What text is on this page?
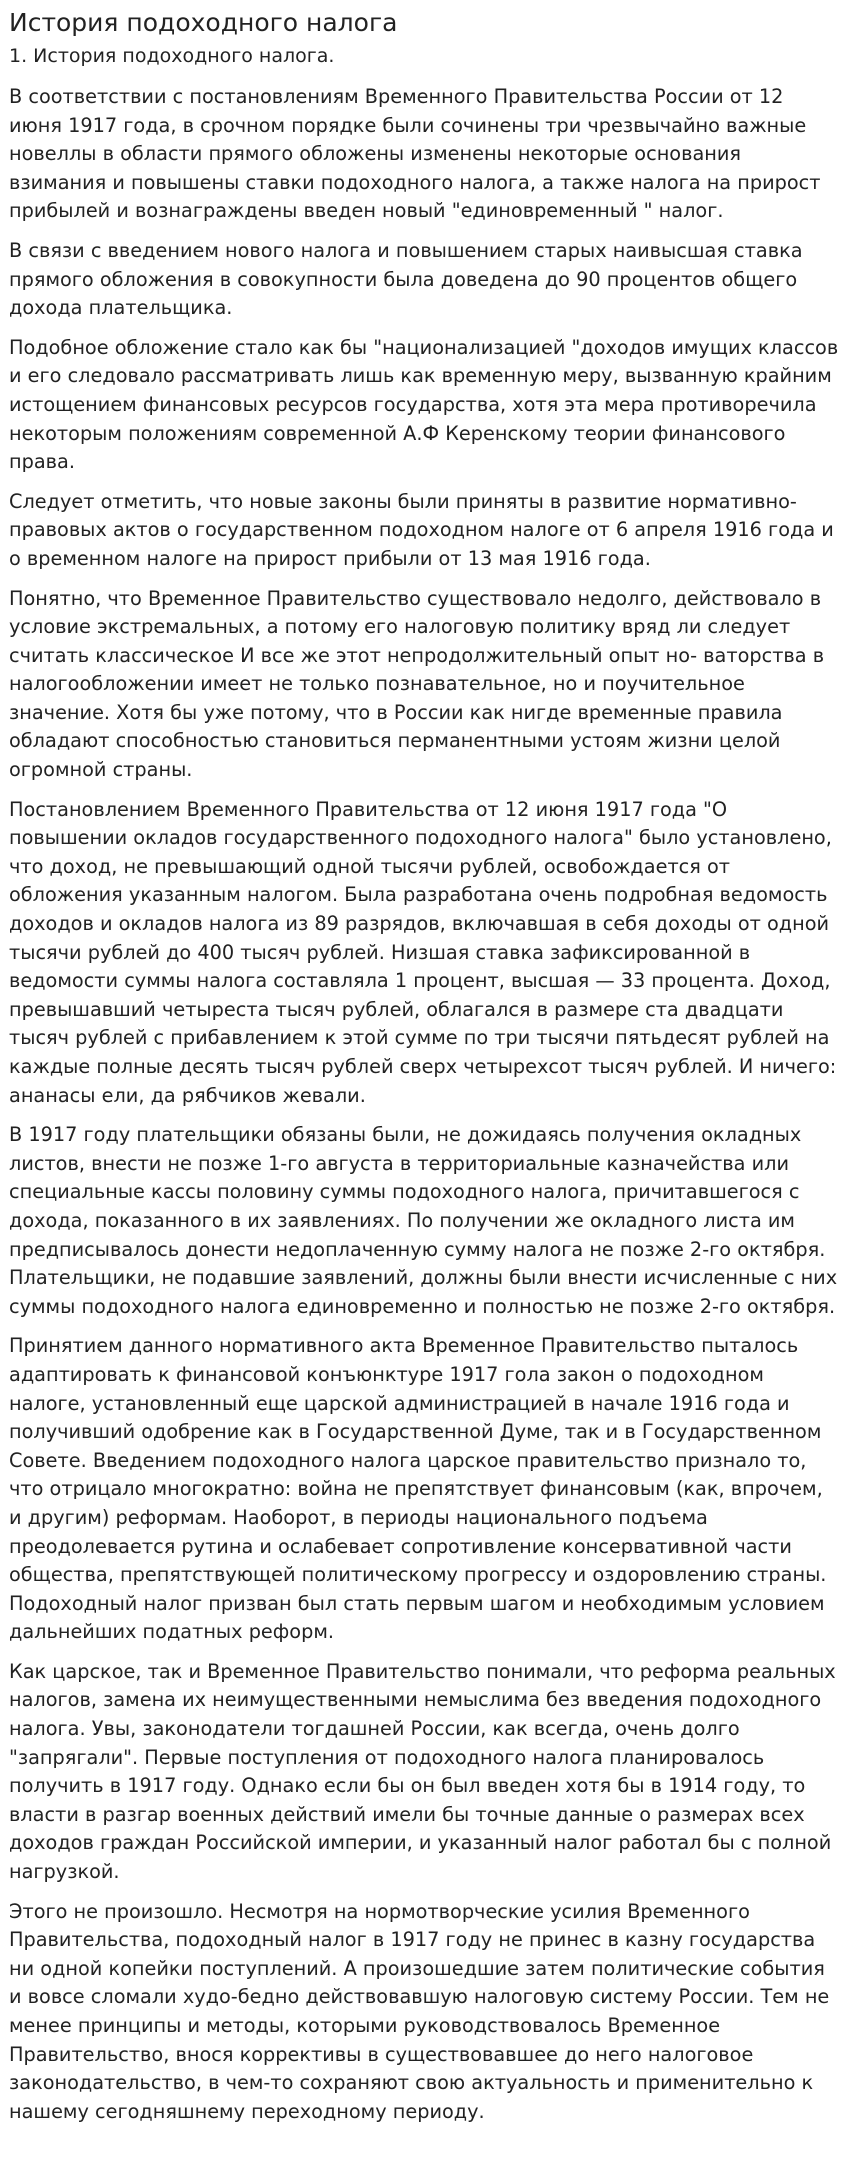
История подоходного налога
1. История подоходного налога.

В соответствии с постановлениям Временного Правительства России от 12 июня 1917 года, в срочном порядке были сочинены три чрезвычайно важные новеллы в области прямого обложены изменены некоторые основания взимания и повышены ставки подоходного налога, а также налога на прирост прибылей и вознаграждены введен новый "единовременный " налог.

В связи с введением нового налога и повышением старых наивысшая ставка прямого обложения в совокупности была доведена до 90 процентов общего дохода плательщика.

Подобное обложение стало как бы "национализацией "доходов имущих классов и его следовало рассматривать лишь как временную меру, вызванную крайним истощением финансовых ресурсов государства, хотя эта мера противоречила некоторым положениям современной А.Ф Керенскому теории финансового права.

Следует отметить, что новые законы были приняты в развитие нормативно-правовых актов о государственном подоходном налоге от 6 апреля 1916 года и о временном налоге на прирост прибыли от 13 мая 1916 года.

Понятно, что Временное Правительство существовало недолго, действовало в условие экстремальных, а потому его налоговую политику вряд ли следует считать классическое И все же этот непродолжительный опыт но- ваторства в налогообложении имеет не только познавательное, но и поучительное значение. Хотя бы уже потому, что в России как нигде временные правила обладают способностью становиться перманентными устоям жизни целой огромной страны.

Постановлением Временного Правительства от 12 июня 1917 года "О повышении окладов государственного подоходного налога" было установлено, что доход, не превышающий одной тысячи рублей, освобождается от обложения указанным налогом. Была разработана очень подробная ведомость доходов и окладов налога из 89 разрядов, включавшая в себя доходы от одной тысячи рублей до 400 тысяч рублей. Низшая ставка зафиксированной в ведомости суммы налога составляла 1 процент, высшая — 33 процента. Доход, превышавший четыреста тысяч рублей, облагался в размере ста двадцати тысяч рублей с прибавлением к этой сумме по три тысячи пятьдесят рублей на каждые полные десять тысяч рублей сверх четырехсот тысяч рублей. И ничего: ананасы ели, да рябчиков жевали.

В 1917 году плательщики обязаны были, не дожидаясь получения окладных листов, внести не позже 1-го августа в территориальные казначейства или специальные кассы половину суммы подоходного налога, причитавшегося с дохода, показанного в их заявлениях. По получении же окладного листа им предписывалось донести недоплаченную сумму налога не позже 2-го октября. Плательщики, не подавшие заявлений, должны были внести исчисленные с них суммы подоходного налога единовременно и полностью не позже 2-го октября.

Принятием данного нормативного акта Временное Правительство пыталось адаптировать к финансовой конъюнктуре 1917 гола закон о подоходном налоге, установленный еще царской администрацией в начале 1916 года и получивший одобрение как в Государственной Думе, так и в Государственном Совете. Введением подоходного налога царское правительство признало то, что отрицало многократно: война не препятствует финансовым (как, впрочем, и другим) реформам. Наоборот, в периоды национального подъема преодолевается рутина и ослабевает сопротивление консервативной части общества, препятствующей политическому прогрессу и оздоровлению страны. Подоходный налог призван был стать первым шагом и необходимым условием дальнейших податных реформ.

Как царское, так и Временное Правительство понимали, что реформа реальных налогов, замена их неимущественными немыслима без введения подоходного налога. Увы, законодатели тогдашней России, как всегда, очень долго "запрягали". Первые поступления от подоходного налога планировалось получить в 1917 году. Однако если бы он был введен хотя бы в 1914 году, то власти в разгар военных действий имели бы точные данные о размерах всех доходов граждан Российской империи, и указанный налог работал бы с полной нагрузкой.

Этого не произошло. Несмотря на нормотворческие усилия Временного Правительства, подоходный налог в 1917 году не принес в казну государства ни одной копейки поступлений. А произошедшие затем политические события и вовсе сломали худо-бедно действовавшую налоговую систему России. Тем не менее принципы и методы, которыми руководствовалось Временное Правительство, внося коррективы в существовавшее до него налоговое законодательство, в чем-то сохраняют свою актуальность и применительно к нашему сегодняшнему переходному периоду.
